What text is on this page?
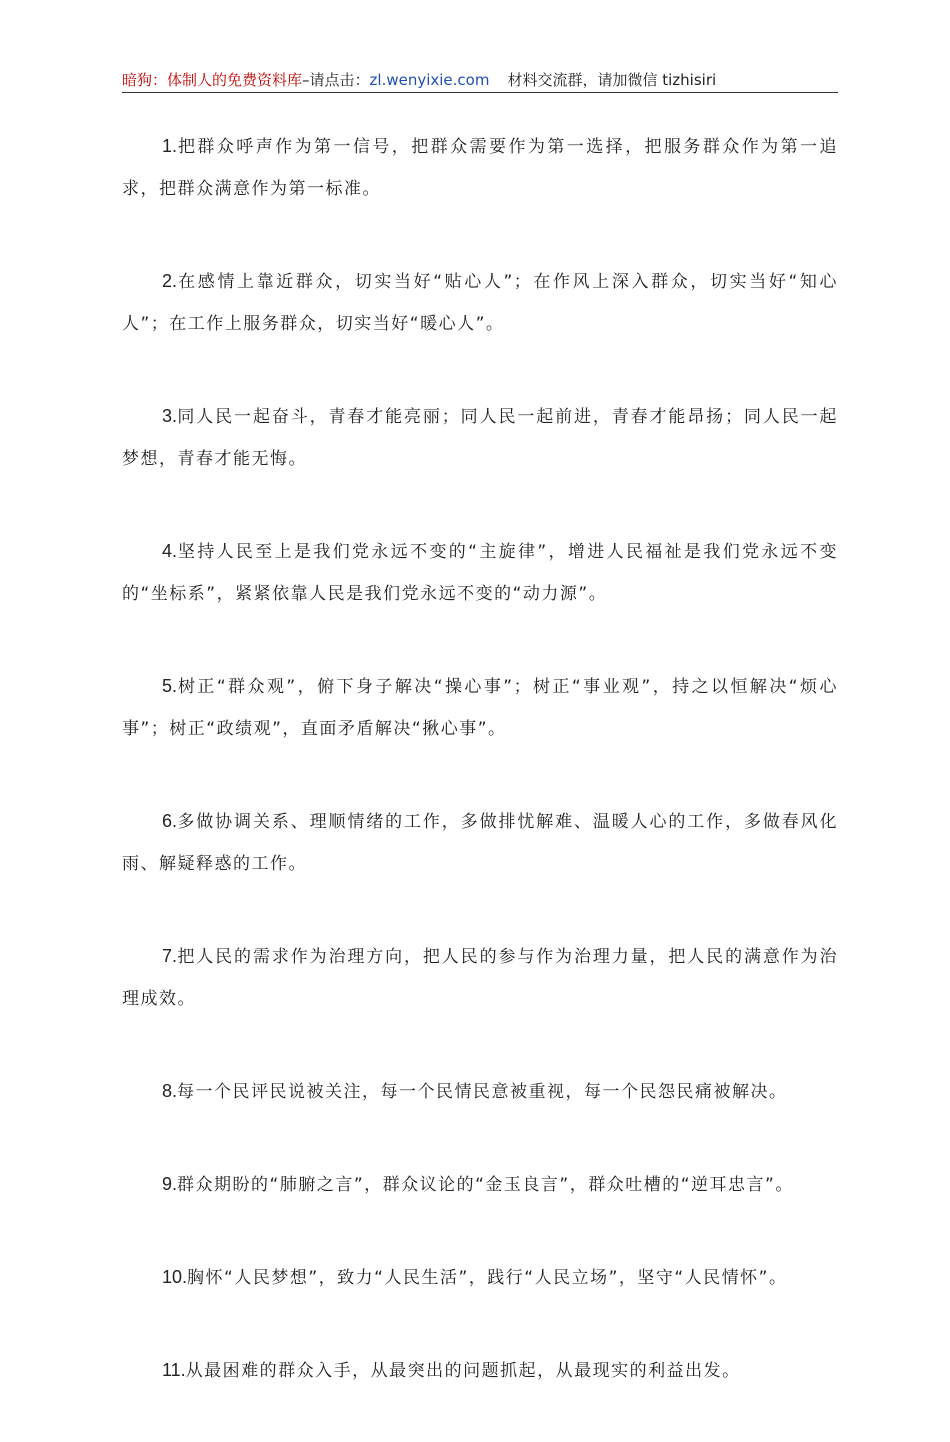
暗狗：体制人的免费资料库–请点击：zl.wenyixie.com 材料交流群，请加微信 tizhisiri

1.把群众呼声作为第一信号，把群众需要作为第一选择，把服务群众作为第一追求，把群众满意作为第一标准。

2.在感情上靠近群众，切实当好“贴心人”；在作风上深入群众，切实当好“知心人”；在工作上服务群众，切实当好“暖心人”。

3.同人民一起奋斗，青春才能亮丽；同人民一起前进，青春才能昂扬；同人民一起梦想，青春才能无悔。

4.坚持人民至上是我们党永远不变的“主旋律”，增进人民福祉是我们党永远不变的“坐标系”，紧紧依靠人民是我们党永远不变的“动力源”。

5.树正“群众观”，俯下身子解决“操心事”；树正“事业观”，持之以恒解决“烦心事”；树正“政绩观”，直面矛盾解决“揪心事”。

6.多做协调关系、理顺情绪的工作，多做排忧解难、温暖人心的工作，多做春风化雨、解疑释惑的工作。

7.把人民的需求作为治理方向，把人民的参与作为治理力量，把人民的满意作为治理成效。

8.每一个民评民说被关注，每一个民情民意被重视，每一个民怨民痛被解决。

9.群众期盼的“肺腑之言”，群众议论的“金玉良言”，群众吐槽的“逆耳忠言”。

10.胸怀“人民梦想”，致力“人民生活”，践行“人民立场”，坚守“人民情怀”。

11.从最困难的群众入手，从最突出的问题抓起，从最现实的利益出发。
